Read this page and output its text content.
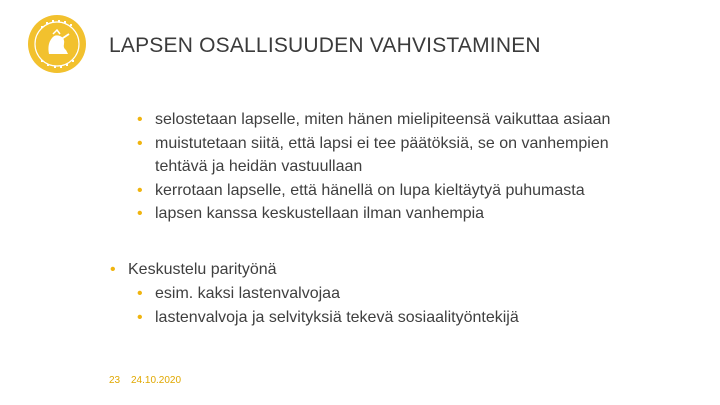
LAPSEN OSALLISUUDEN VAHVISTAMINEN
• selostetaan lapselle, miten hänen mielipiteensä vaikuttaa asiaan
• muistutetaan siitä, että lapsi ei tee päätöksiä, se on vanhempien tehtävä ja heidän vastuullaan
• kerrotaan lapselle, että hänellä on lupa kieltäytyä puhumasta
• lapsen kanssa keskustellaan ilman vanhempia
• Keskustelu parityönä
• esim. kaksi lastenvalvojaa
• lastenvalvoja ja selvityksiä tekevä sosiaalityöntekijä
23 24.10.2020
